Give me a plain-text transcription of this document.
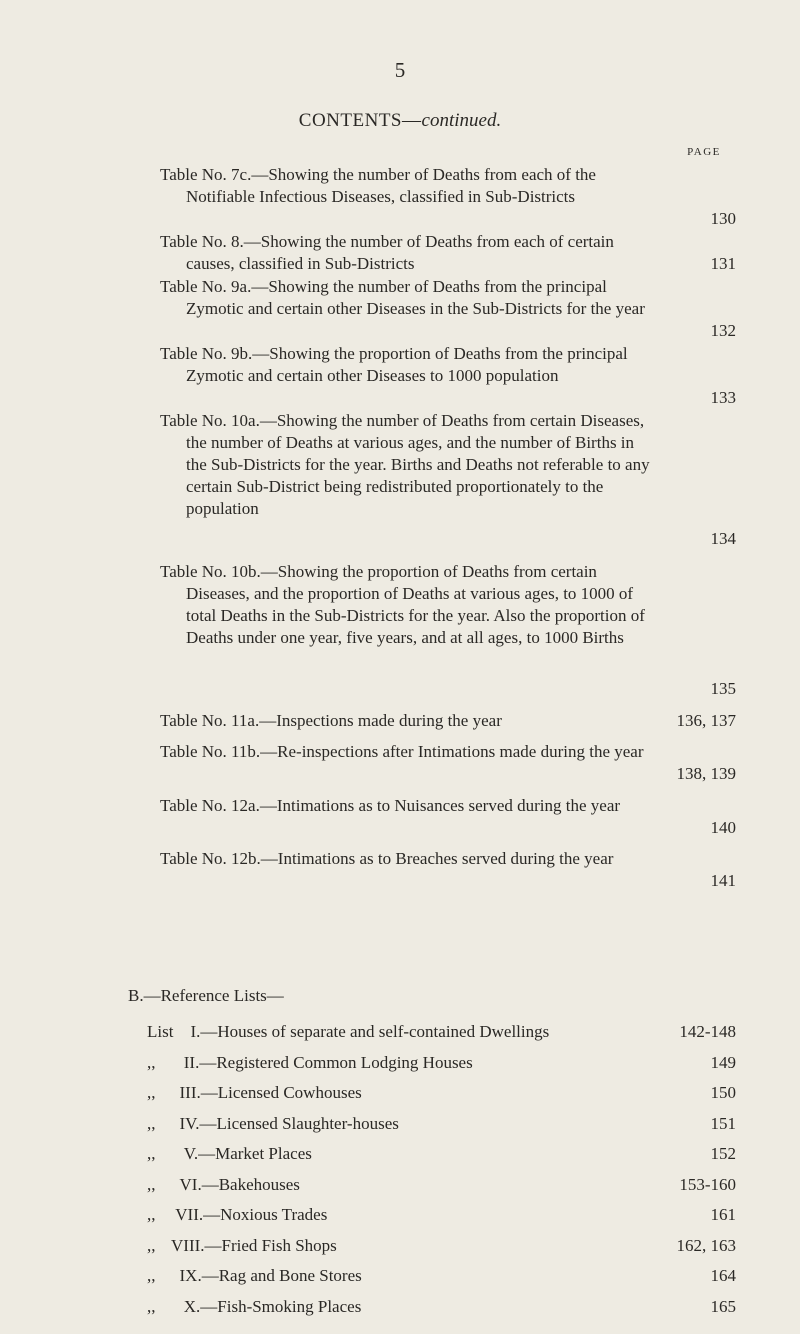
5
CONTENTS—continued.
PAGE
Table No. 7c.—Showing the number of Deaths from each of the Notifiable Infectious Diseases, classified in Sub-Districts
130
Table No. 8.—Showing the number of Deaths from each of certain causes, classified in Sub-Districts	131
Table No. 9a.—Showing the number of Deaths from the principal Zymotic and certain other Diseases in the Sub-Districts for the year
132
Table No. 9b.—Showing the proportion of Deaths from the principal Zymotic and certain other Diseases to 1000 population
133
Table No. 10a.—Showing the number of Deaths from certain Diseases, the number of Deaths at various ages, and the number of Births in the Sub-Districts for the year. Births and Deaths not referable to any certain Sub-District being redistributed proportionately to the population
134
Table No. 10b.—Showing the proportion of Deaths from certain Diseases, and the proportion of Deaths at various ages, to 1000 of total Deaths in the Sub-Districts for the year. Also the proportion of Deaths under one year, five years, and at all ages, to 1000 Births
135
Table No. 11a.—Inspections made during the year	136, 137
Table No. 11b.—Re-inspections after Intimations made during the year
138, 139
Table No. 12a.—Intimations as to Nuisances served during the year
140
Table No. 12b.—Intimations as to Breaches served during the year
141
B.—Reference Lists—
List I.—Houses of separate and self-contained Dwellings	142-148
,, II.—Registered Common Lodging Houses	149
,, III.—Licensed Cowhouses	150
,, IV.—Licensed Slaughter-houses	151
,, V.—Market Places	152
,, VI.—Bakehouses	153-160
,, VII.—Noxious Trades	161
,, VIII.—Fried Fish Shops	162, 163
,, IX.—Rag and Bone Stores	164
,, X.—Fish-Smoking Places	165
